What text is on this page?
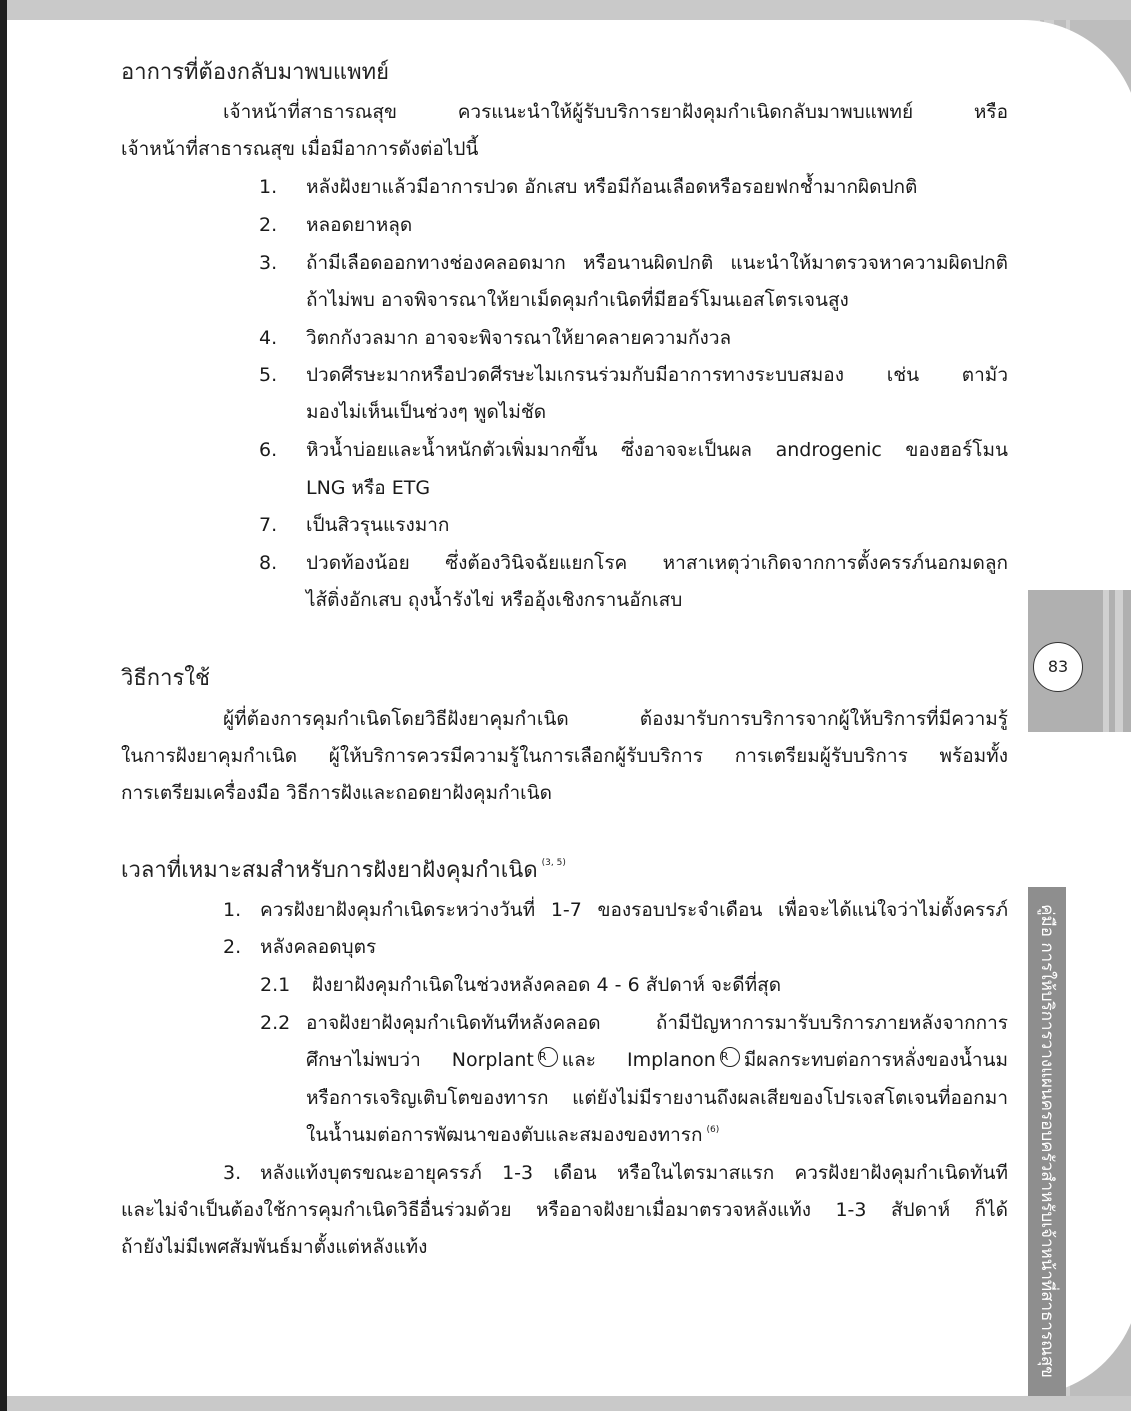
83
คู่มือ การให้บริการวางแผนครอบครัวสำหรับเจ้าหน้าที่สาธารณสุข
อาการที่ต้องกลับมาพบแพทย์
เจ้าหน้าที่สาธารณสุข ควรแนะนำให้ผู้รับบริการยาฝังคุมกำเนิดกลับมาพบแพทย์ หรือ
เจ้าหน้าที่สาธารณสุข เมื่อมีอาการดังต่อไปนี้
1. หลังฝังยาแล้วมีอาการปวด อักเสบ หรือมีก้อนเลือดหรือรอยฟกช้ำมากผิดปกติ
2. หลอดยาหลุด
3. ถ้ามีเลือดออกทางช่องคลอดมาก หรือนานผิดปกติ แนะนำให้มาตรวจหาความผิดปกติ
ถ้าไม่พบ อาจพิจารณาให้ยาเม็ดคุมกำเนิดที่มีฮอร์โมนเอสโตรเจนสูง
4. วิตกกังวลมาก อาจจะพิจารณาให้ยาคลายความกังวล
5. ปวดศีรษะมากหรือปวดศีรษะไมเกรนร่วมกับมีอาการทางระบบสมอง เช่น ตามัว
มองไม่เห็นเป็นช่วงๆ พูดไม่ชัด
6. หิวน้ำบ่อยและน้ำหนักตัวเพิ่มมากขึ้น ซึ่งอาจจะเป็นผล androgenic ของฮอร์โมน
LNG หรือ ETG
7. เป็นสิวรุนแรงมาก
8. ปวดท้องน้อย ซึ่งต้องวินิจฉัยแยกโรค หาสาเหตุว่าเกิดจากการตั้งครรภ์นอกมดลูก
ไส้ติ่งอักเสบ ถุงน้ำรังไข่ หรืออุ้งเชิงกรานอักเสบ
วิธีการใช้
ผู้ที่ต้องการคุมกำเนิดโดยวิธีฝังยาคุมกำเนิด ต้องมารับการบริการจากผู้ให้บริการที่มีความรู้
ในการฝังยาคุมกำเนิด ผู้ให้บริการควรมีความรู้ในการเลือกผู้รับบริการ การเตรียมผู้รับบริการ พร้อมทั้ง
การเตรียมเครื่องมือ วิธีการฝังและถอดยาฝังคุมกำเนิด
เวลาที่เหมาะสมสำหรับการฝังยาฝังคุมกำเนิด $^{(3, 5)}$
1. ควรฝังยาฝังคุมกำเนิดระหว่างวันที่ 1-7 ของรอบประจำเดือน เพื่อจะได้แน่ใจว่าไม่ตั้งครรภ์
2. หลังคลอดบุตร
2.1 ฝังยาฝังคุมกำเนิดในช่วงหลังคลอด 4 - 6 สัปดาห์ จะดีที่สุด
2.2 อาจฝังยาฝังคุมกำเนิดทันทีหลังคลอด ถ้ามีปัญหาการมารับบริการภายหลังจากการ
ศึกษาไม่พบว่า Norplant R และ Implanon R มีผลกระทบต่อการหลั่งของน้ำนม
หรือการเจริญเติบโตของทารก แต่ยังไม่มีรายงานถึงผลเสียของโปรเจสโตเจนที่ออกมา
ในน้ำนมต่อการพัฒนาของตับและสมองของทารก $^{(6)}$
3. หลังแท้งบุตรขณะอายุครรภ์ 1-3 เดือน หรือในไตรมาสแรก ควรฝังยาฝังคุมกำเนิดทันที
และไม่จำเป็นต้องใช้การคุมกำเนิดวิธีอื่นร่วมด้วย หรืออาจฝังยาเมื่อมาตรวจหลังแท้ง 1-3 สัปดาห์ ก็ได้
ถ้ายังไม่มีเพศสัมพันธ์มาตั้งแต่หลังแท้ง
